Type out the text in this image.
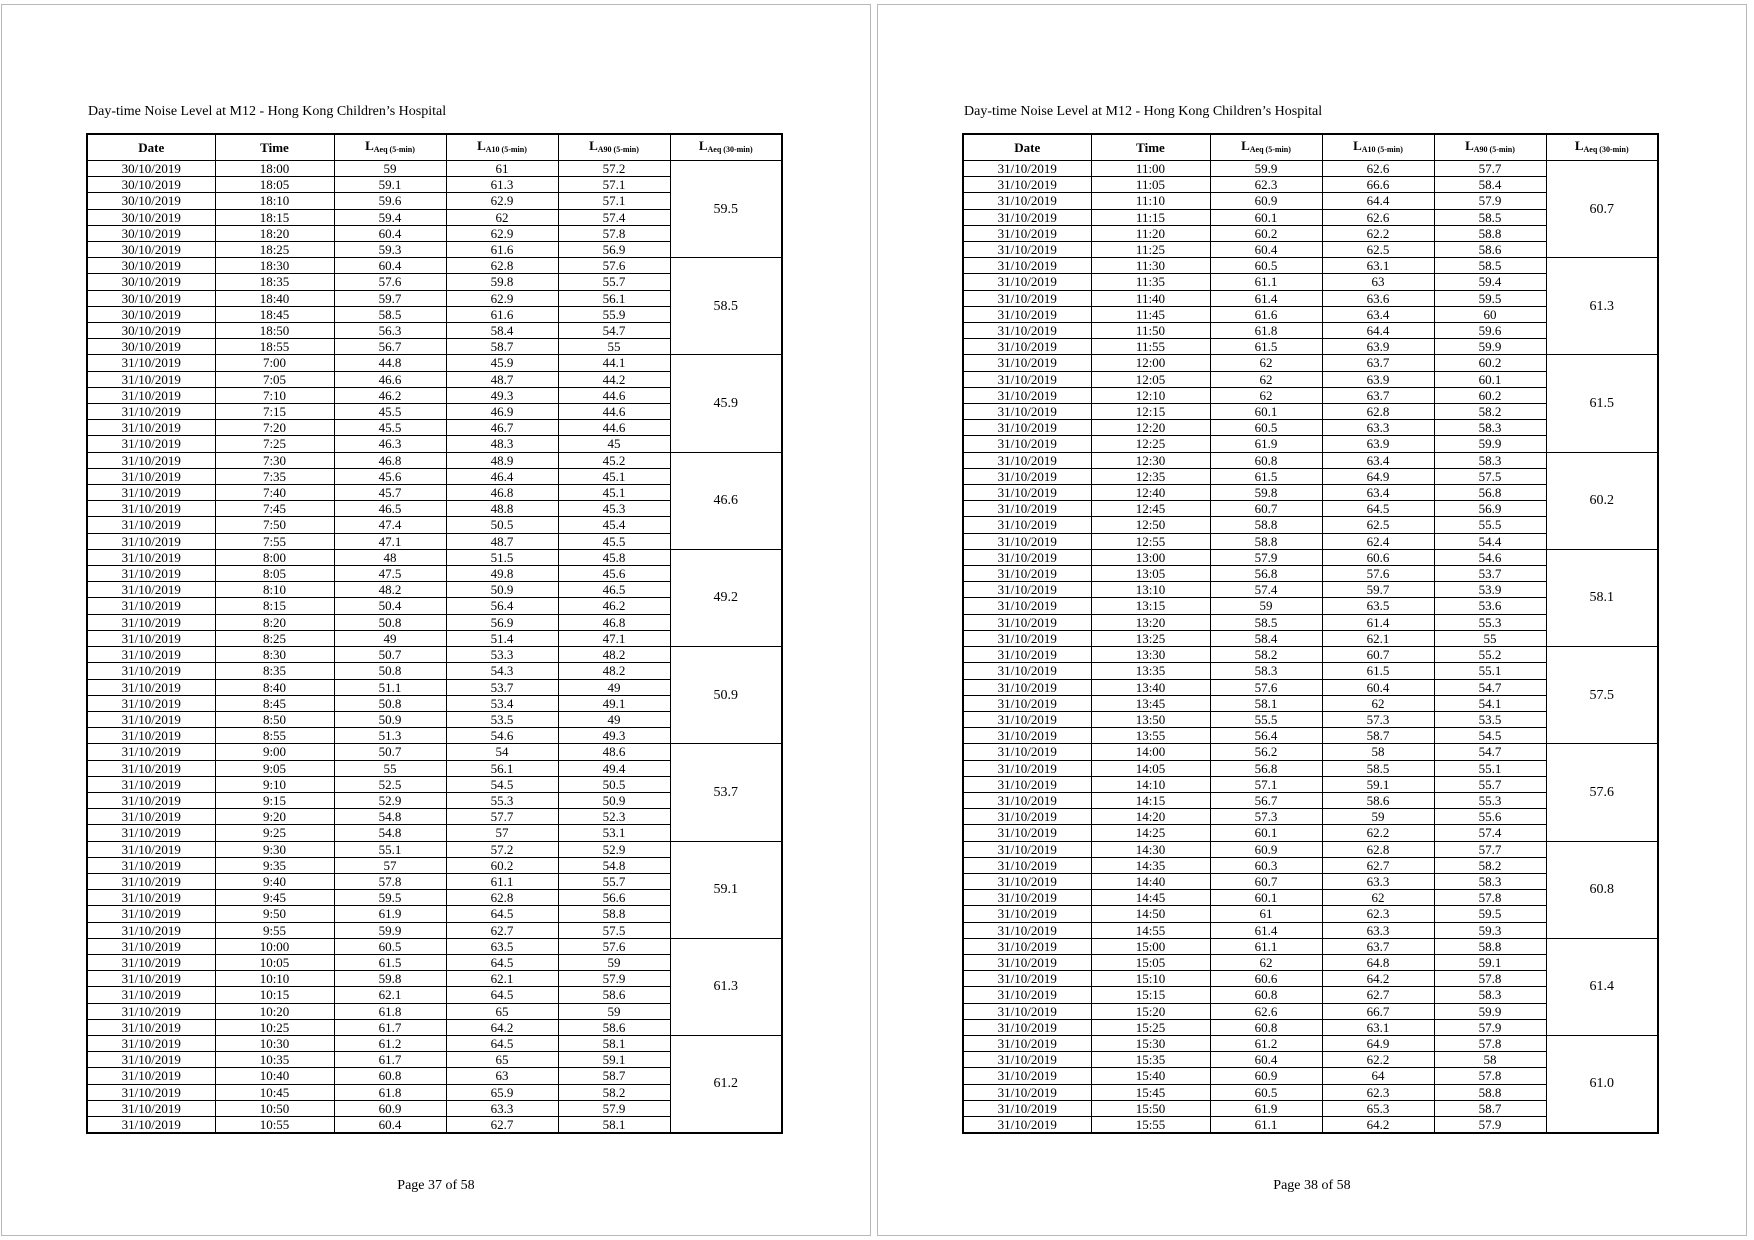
Day-time Noise Level at M12 - Hong Kong Children’s Hospital
Date	Time	$L_{Aeq (5-min)}$	$L_{A10 (5-min)}$	$L_{A90 (5-min)}$	$L_{Aeq (30-min)}$
30/10/2019	18:00	59	61	57.2	59.5
30/10/2019	18:05	59.1	61.3	57.1	
30/10/2019	18:10	59.6	62.9	57.1	
30/10/2019	18:15	59.4	62	57.4	
30/10/2019	18:20	60.4	62.9	57.8	
30/10/2019	18:25	59.3	61.6	56.9	
30/10/2019	18:30	60.4	62.8	57.6	58.5
30/10/2019	18:35	57.6	59.8	55.7	
30/10/2019	18:40	59.7	62.9	56.1	
30/10/2019	18:45	58.5	61.6	55.9	
30/10/2019	18:50	56.3	58.4	54.7	
30/10/2019	18:55	56.7	58.7	55	
31/10/2019	7:00	44.8	45.9	44.1	45.9
31/10/2019	7:05	46.6	48.7	44.2	
31/10/2019	7:10	46.2	49.3	44.6	
31/10/2019	7:15	45.5	46.9	44.6	
31/10/2019	7:20	45.5	46.7	44.6	
31/10/2019	7:25	46.3	48.3	45	
31/10/2019	7:30	46.8	48.9	45.2	46.6
31/10/2019	7:35	45.6	46.4	45.1	
31/10/2019	7:40	45.7	46.8	45.1	
31/10/2019	7:45	46.5	48.8	45.3	
31/10/2019	7:50	47.4	50.5	45.4	
31/10/2019	7:55	47.1	48.7	45.5	
31/10/2019	8:00	48	51.5	45.8	49.2
31/10/2019	8:05	47.5	49.8	45.6	
31/10/2019	8:10	48.2	50.9	46.5	
31/10/2019	8:15	50.4	56.4	46.2	
31/10/2019	8:20	50.8	56.9	46.8	
31/10/2019	8:25	49	51.4	47.1	
31/10/2019	8:30	50.7	53.3	48.2	50.9
31/10/2019	8:35	50.8	54.3	48.2	
31/10/2019	8:40	51.1	53.7	49	
31/10/2019	8:45	50.8	53.4	49.1	
31/10/2019	8:50	50.9	53.5	49	
31/10/2019	8:55	51.3	54.6	49.3	
31/10/2019	9:00	50.7	54	48.6	53.7
31/10/2019	9:05	55	56.1	49.4	
31/10/2019	9:10	52.5	54.5	50.5	
31/10/2019	9:15	52.9	55.3	50.9	
31/10/2019	9:20	54.8	57.7	52.3	
31/10/2019	9:25	54.8	57	53.1	
31/10/2019	9:30	55.1	57.2	52.9	59.1
31/10/2019	9:35	57	60.2	54.8	
31/10/2019	9:40	57.8	61.1	55.7	
31/10/2019	9:45	59.5	62.8	56.6	
31/10/2019	9:50	61.9	64.5	58.8	
31/10/2019	9:55	59.9	62.7	57.5	
31/10/2019	10:00	60.5	63.5	57.6	61.3
31/10/2019	10:05	61.5	64.5	59	
31/10/2019	10:10	59.8	62.1	57.9	
31/10/2019	10:15	62.1	64.5	58.6	
31/10/2019	10:20	61.8	65	59	
31/10/2019	10:25	61.7	64.2	58.6	
31/10/2019	10:30	61.2	64.5	58.1	61.2
31/10/2019	10:35	61.7	65	59.1	
31/10/2019	10:40	60.8	63	58.7	
31/10/2019	10:45	61.8	65.9	58.2	
31/10/2019	10:50	60.9	63.3	57.9	
31/10/2019	10:55	60.4	62.7	58.1	
Page 37 of 58
Day-time Noise Level at M12 - Hong Kong Children’s Hospital
Date	Time	$L_{Aeq (5-min)}$	$L_{A10 (5-min)}$	$L_{A90 (5-min)}$	$L_{Aeq (30-min)}$
31/10/2019	11:00	59.9	62.6	57.7	60.7
31/10/2019	11:05	62.3	66.6	58.4	
31/10/2019	11:10	60.9	64.4	57.9	
31/10/2019	11:15	60.1	62.6	58.5	
31/10/2019	11:20	60.2	62.2	58.8	
31/10/2019	11:25	60.4	62.5	58.6	
31/10/2019	11:30	60.5	63.1	58.5	61.3
31/10/2019	11:35	61.1	63	59.4	
31/10/2019	11:40	61.4	63.6	59.5	
31/10/2019	11:45	61.6	63.4	60	
31/10/2019	11:50	61.8	64.4	59.6	
31/10/2019	11:55	61.5	63.9	59.9	
31/10/2019	12:00	62	63.7	60.2	61.5
31/10/2019	12:05	62	63.9	60.1	
31/10/2019	12:10	62	63.7	60.2	
31/10/2019	12:15	60.1	62.8	58.2	
31/10/2019	12:20	60.5	63.3	58.3	
31/10/2019	12:25	61.9	63.9	59.9	
31/10/2019	12:30	60.8	63.4	58.3	60.2
31/10/2019	12:35	61.5	64.9	57.5	
31/10/2019	12:40	59.8	63.4	56.8	
31/10/2019	12:45	60.7	64.5	56.9	
31/10/2019	12:50	58.8	62.5	55.5	
31/10/2019	12:55	58.8	62.4	54.4	
31/10/2019	13:00	57.9	60.6	54.6	58.1
31/10/2019	13:05	56.8	57.6	53.7	
31/10/2019	13:10	57.4	59.7	53.9	
31/10/2019	13:15	59	63.5	53.6	
31/10/2019	13:20	58.5	61.4	55.3	
31/10/2019	13:25	58.4	62.1	55	
31/10/2019	13:30	58.2	60.7	55.2	57.5
31/10/2019	13:35	58.3	61.5	55.1	
31/10/2019	13:40	57.6	60.4	54.7	
31/10/2019	13:45	58.1	62	54.1	
31/10/2019	13:50	55.5	57.3	53.5	
31/10/2019	13:55	56.4	58.7	54.5	
31/10/2019	14:00	56.2	58	54.7	57.6
31/10/2019	14:05	56.8	58.5	55.1	
31/10/2019	14:10	57.1	59.1	55.7	
31/10/2019	14:15	56.7	58.6	55.3	
31/10/2019	14:20	57.3	59	55.6	
31/10/2019	14:25	60.1	62.2	57.4	
31/10/2019	14:30	60.9	62.8	57.7	60.8
31/10/2019	14:35	60.3	62.7	58.2	
31/10/2019	14:40	60.7	63.3	58.3	
31/10/2019	14:45	60.1	62	57.8	
31/10/2019	14:50	61	62.3	59.5	
31/10/2019	14:55	61.4	63.3	59.3	
31/10/2019	15:00	61.1	63.7	58.8	61.4
31/10/2019	15:05	62	64.8	59.1	
31/10/2019	15:10	60.6	64.2	57.8	
31/10/2019	15:15	60.8	62.7	58.3	
31/10/2019	15:20	62.6	66.7	59.9	
31/10/2019	15:25	60.8	63.1	57.9	
31/10/2019	15:30	61.2	64.9	57.8	61.0
31/10/2019	15:35	60.4	62.2	58	
31/10/2019	15:40	60.9	64	57.8	
31/10/2019	15:45	60.5	62.3	58.8	
31/10/2019	15:50	61.9	65.3	58.7	
31/10/2019	15:55	61.1	64.2	57.9	
Page 38 of 58
